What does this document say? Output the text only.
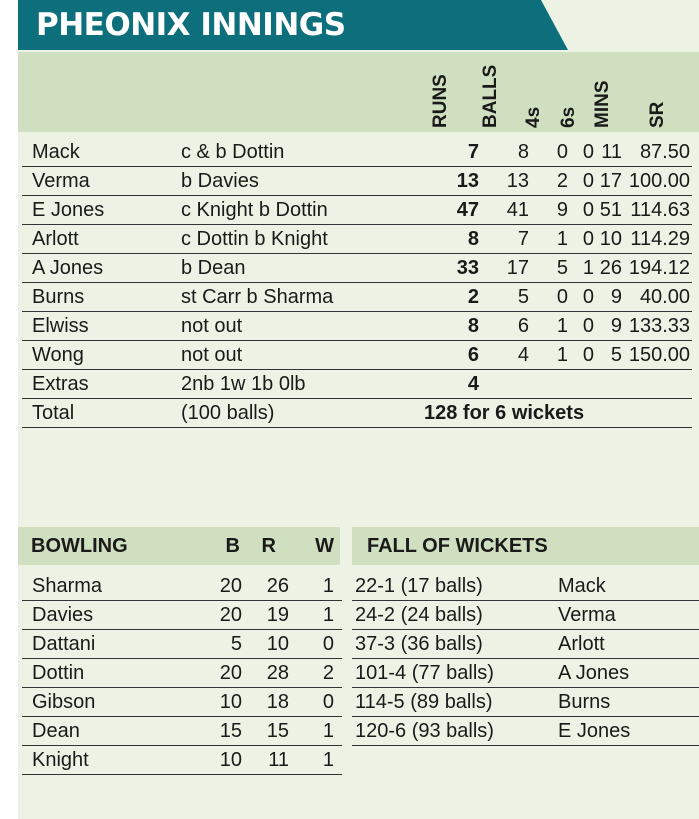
PHEONIX INNINGS
RUNS BALLS 4s 6s MINS SR
Mack	c & b Dottin	7 8 0 0 11 87.50
Verma	b Davies	13 13 2 0 17 100.00
E Jones	c Knight b Dottin	47 41 9 0 51 114.63
Arlott	c Dottin b Knight	8 7 1 0 10 114.29
A Jones	b Dean	33 17 5 1 26 194.12
Burns	st Carr b Sharma	2 5 0 0 9 40.00
Elwiss	not out	8 6 1 0 9 133.33
Wong	not out	6 4 1 0 5 150.00
Extras	2nb 1w 1b 0lb	4
Total	(100 balls)	128 for 6 wickets
BOWLING	B R W FALL OF WICKETS
Sharma	20 26 1
Davies	20 19 1
Dattani	5 10 0
Dottin	20 28 2
Gibson	10 18 0
Dean	15 15 1
Knight	10 11 1
22-1 (17 balls)	Mack
24-2 (24 balls)	Verma
37-3 (36 balls)	Arlott
101-4 (77 balls)	A Jones
114-5 (89 balls)	Burns
120-6 (93 balls)	E Jones
